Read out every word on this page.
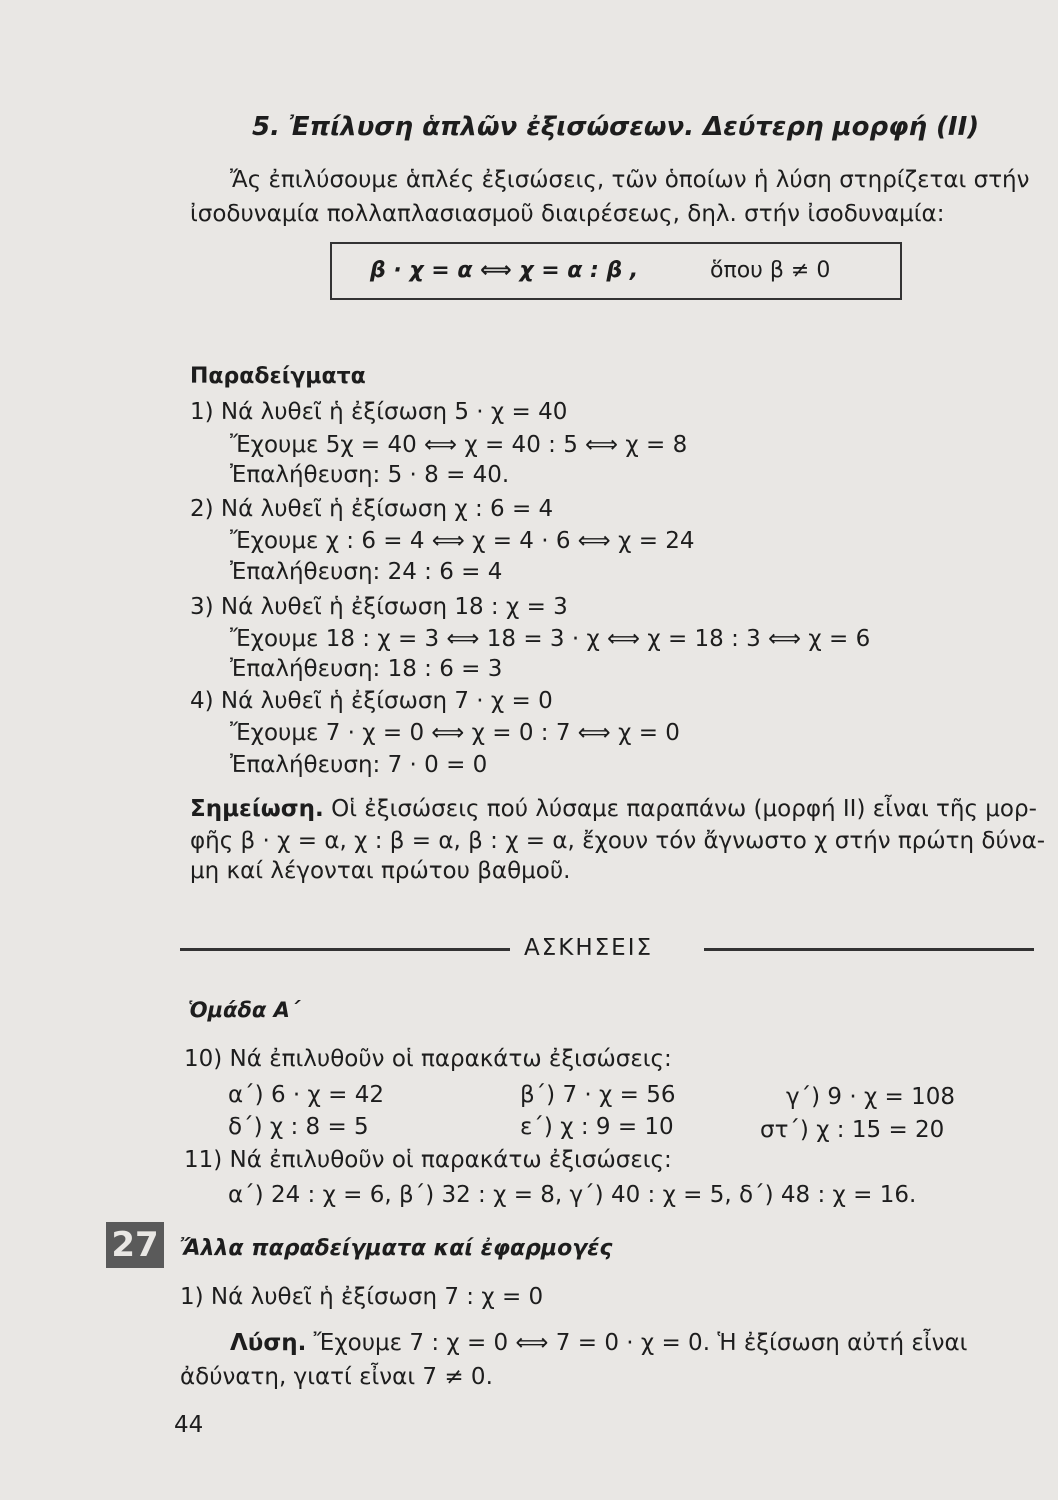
5. Ἐπίλυση ἁπλῶν ἐξισώσεων. Δεύτερη μορφή (ΙΙ)
Ἄς ἐπιλύσουμε ἁπλές ἐξισώσεις, τῶν ὁποίων ἡ λύση στηρίζεται στήν
ἰσοδυναμία πολλαπλασιασμοῦ διαιρέσεως, δηλ. στήν ἰσοδυναμία:
β · χ = α ⟺ χ = α : β ,	ὅπου β ≠ 0
Παραδείγματα
1) Νά λυθεῖ ἡ ἐξίσωση 5 · χ = 40
Ἔχουμε 5χ = 40 ⟺ χ = 40 : 5 ⟺ χ = 8
Ἐπαλήθευση: 5 · 8 = 40.
2) Νά λυθεῖ ἡ ἐξίσωση χ : 6 = 4
Ἔχουμε χ : 6 = 4 ⟺ χ = 4 · 6 ⟺ χ = 24
Ἐπαλήθευση: 24 : 6 = 4
3) Νά λυθεῖ ἡ ἐξίσωση 18 : χ = 3
Ἔχουμε 18 : χ = 3 ⟺ 18 = 3 · χ ⟺ χ = 18 : 3 ⟺ χ = 6
Ἐπαλήθευση: 18 : 6 = 3
4) Νά λυθεῖ ἡ ἐξίσωση 7 · χ = 0
Ἔχουμε 7 · χ = 0 ⟺ χ = 0 : 7 ⟺ χ = 0
Ἐπαλήθευση: 7 · 0 = 0
Σημείωση. Οἱ ἐξισώσεις πού λύσαμε παραπάνω (μορφή ΙΙ) εἶναι τῆς μορ-
φῆς β · χ = α, χ : β = α, β : χ = α, ἔχουν τόν ἄγνωστο χ στήν πρώτη δύνα-
μη καί λέγονται πρώτου βαθμοῦ.
ΑΣΚΗΣΕΙΣ
Ὁμάδα Α΄
10) Νά ἐπιλυθοῦν οἱ παρακάτω ἐξισώσεις:
α΄) 6 · χ = 42	β΄) 7 · χ = 56	γ΄) 9 · χ = 108
δ΄) χ : 8 = 5	ε΄) χ : 9 = 10	στ΄) χ : 15 = 20
11) Νά ἐπιλυθοῦν οἱ παρακάτω ἐξισώσεις:
α΄) 24 : χ = 6, β΄) 32 : χ = 8, γ΄) 40 : χ = 5, δ΄) 48 : χ = 16.
27 Ἄλλα παραδείγματα καί ἐφαρμογές
1) Νά λυθεῖ ἡ ἐξίσωση 7 : χ = 0
Λύση. Ἔχουμε 7 : χ = 0 ⟺ 7 = 0 · χ = 0. Ἡ ἐξίσωση αὐτή εἶναι
ἀδύνατη, γιατί εἶναι 7 ≠ 0.
44
